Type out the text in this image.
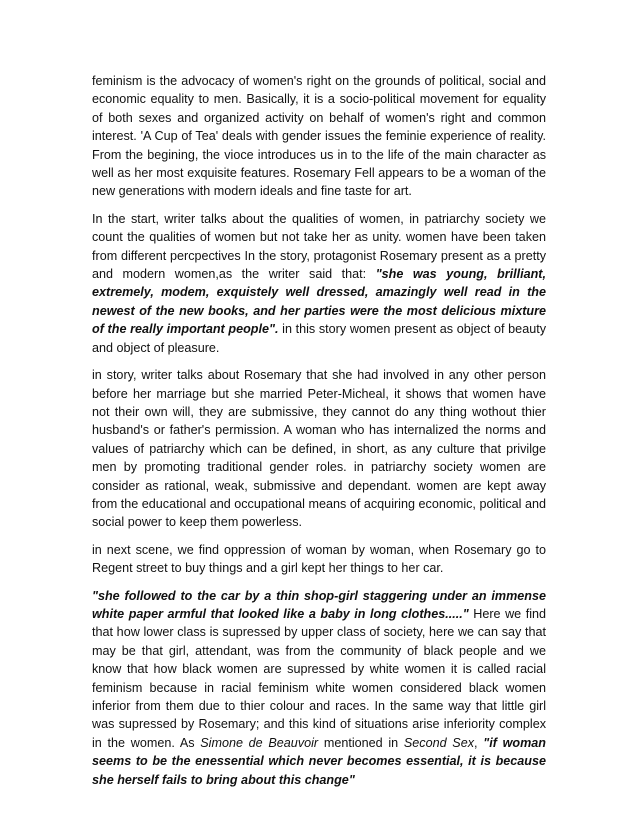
feminism is the advocacy of women's right on the grounds of political, social and economic equality to men. Basically, it is a socio-political movement for equality of both sexes and organized activity on behalf of women's right and common interest. 'A Cup of Tea' deals with gender issues the feminie experience of reality. From the begining, the vioce introduces us in to the life of the main character as well as her most exquisite features. Rosemary Fell appears to be a woman of the new generations with modern ideals and fine taste for art.

In the start, writer talks about the qualities of women, in patriarchy society we count the qualities of women but not take her as unity. women have been taken from different percpectives In the story, protagonist Rosemary present as a pretty and modern women,as the writer said that: "she was young, brilliant, extremely, modem, exquistely well dressed, amazingly well read in the newest of the new books, and her parties were the most delicious mixture of the really important people". in this story women present as object of beauty and object of pleasure.

in story, writer talks about Rosemary that she had involved in any other person before her marriage but she married Peter-Micheal, it shows that women have not their own will, they are submissive, they cannot do any thing wothout thier husband's or father's permission. A woman who has internalized the norms and values of patriarchy which can be defined, in short, as any culture that privilge men by promoting traditional gender roles. in patriarchy society women are consider as rational, weak, submissive and dependant. women are kept away from the educational and occupational means of acquiring economic, political and social power to keep them powerless.

in next scene, we find oppression of woman by woman, when Rosemary go to Regent street to buy things and a girl kept her things to her car.

"she followed to the car by a thin shop-girl staggering under an immense white paper armful that looked like a baby in long clothes....." Here we find that how lower class is supressed by upper class of society, here we can say that may be that girl, attendant, was from the community of black people and we know that how black women are supressed by white women it is called racial feminism because in racial feminism white women considered black women inferior from them due to thier colour and races. In the same way that little girl was supressed by Rosemary; and this kind of situations arise inferiority complex in the women. As Simone de Beauvoir mentioned in Second Sex, "if woman seems to be the enessential which never becomes essential, it is because she herself fails to bring about this change"
